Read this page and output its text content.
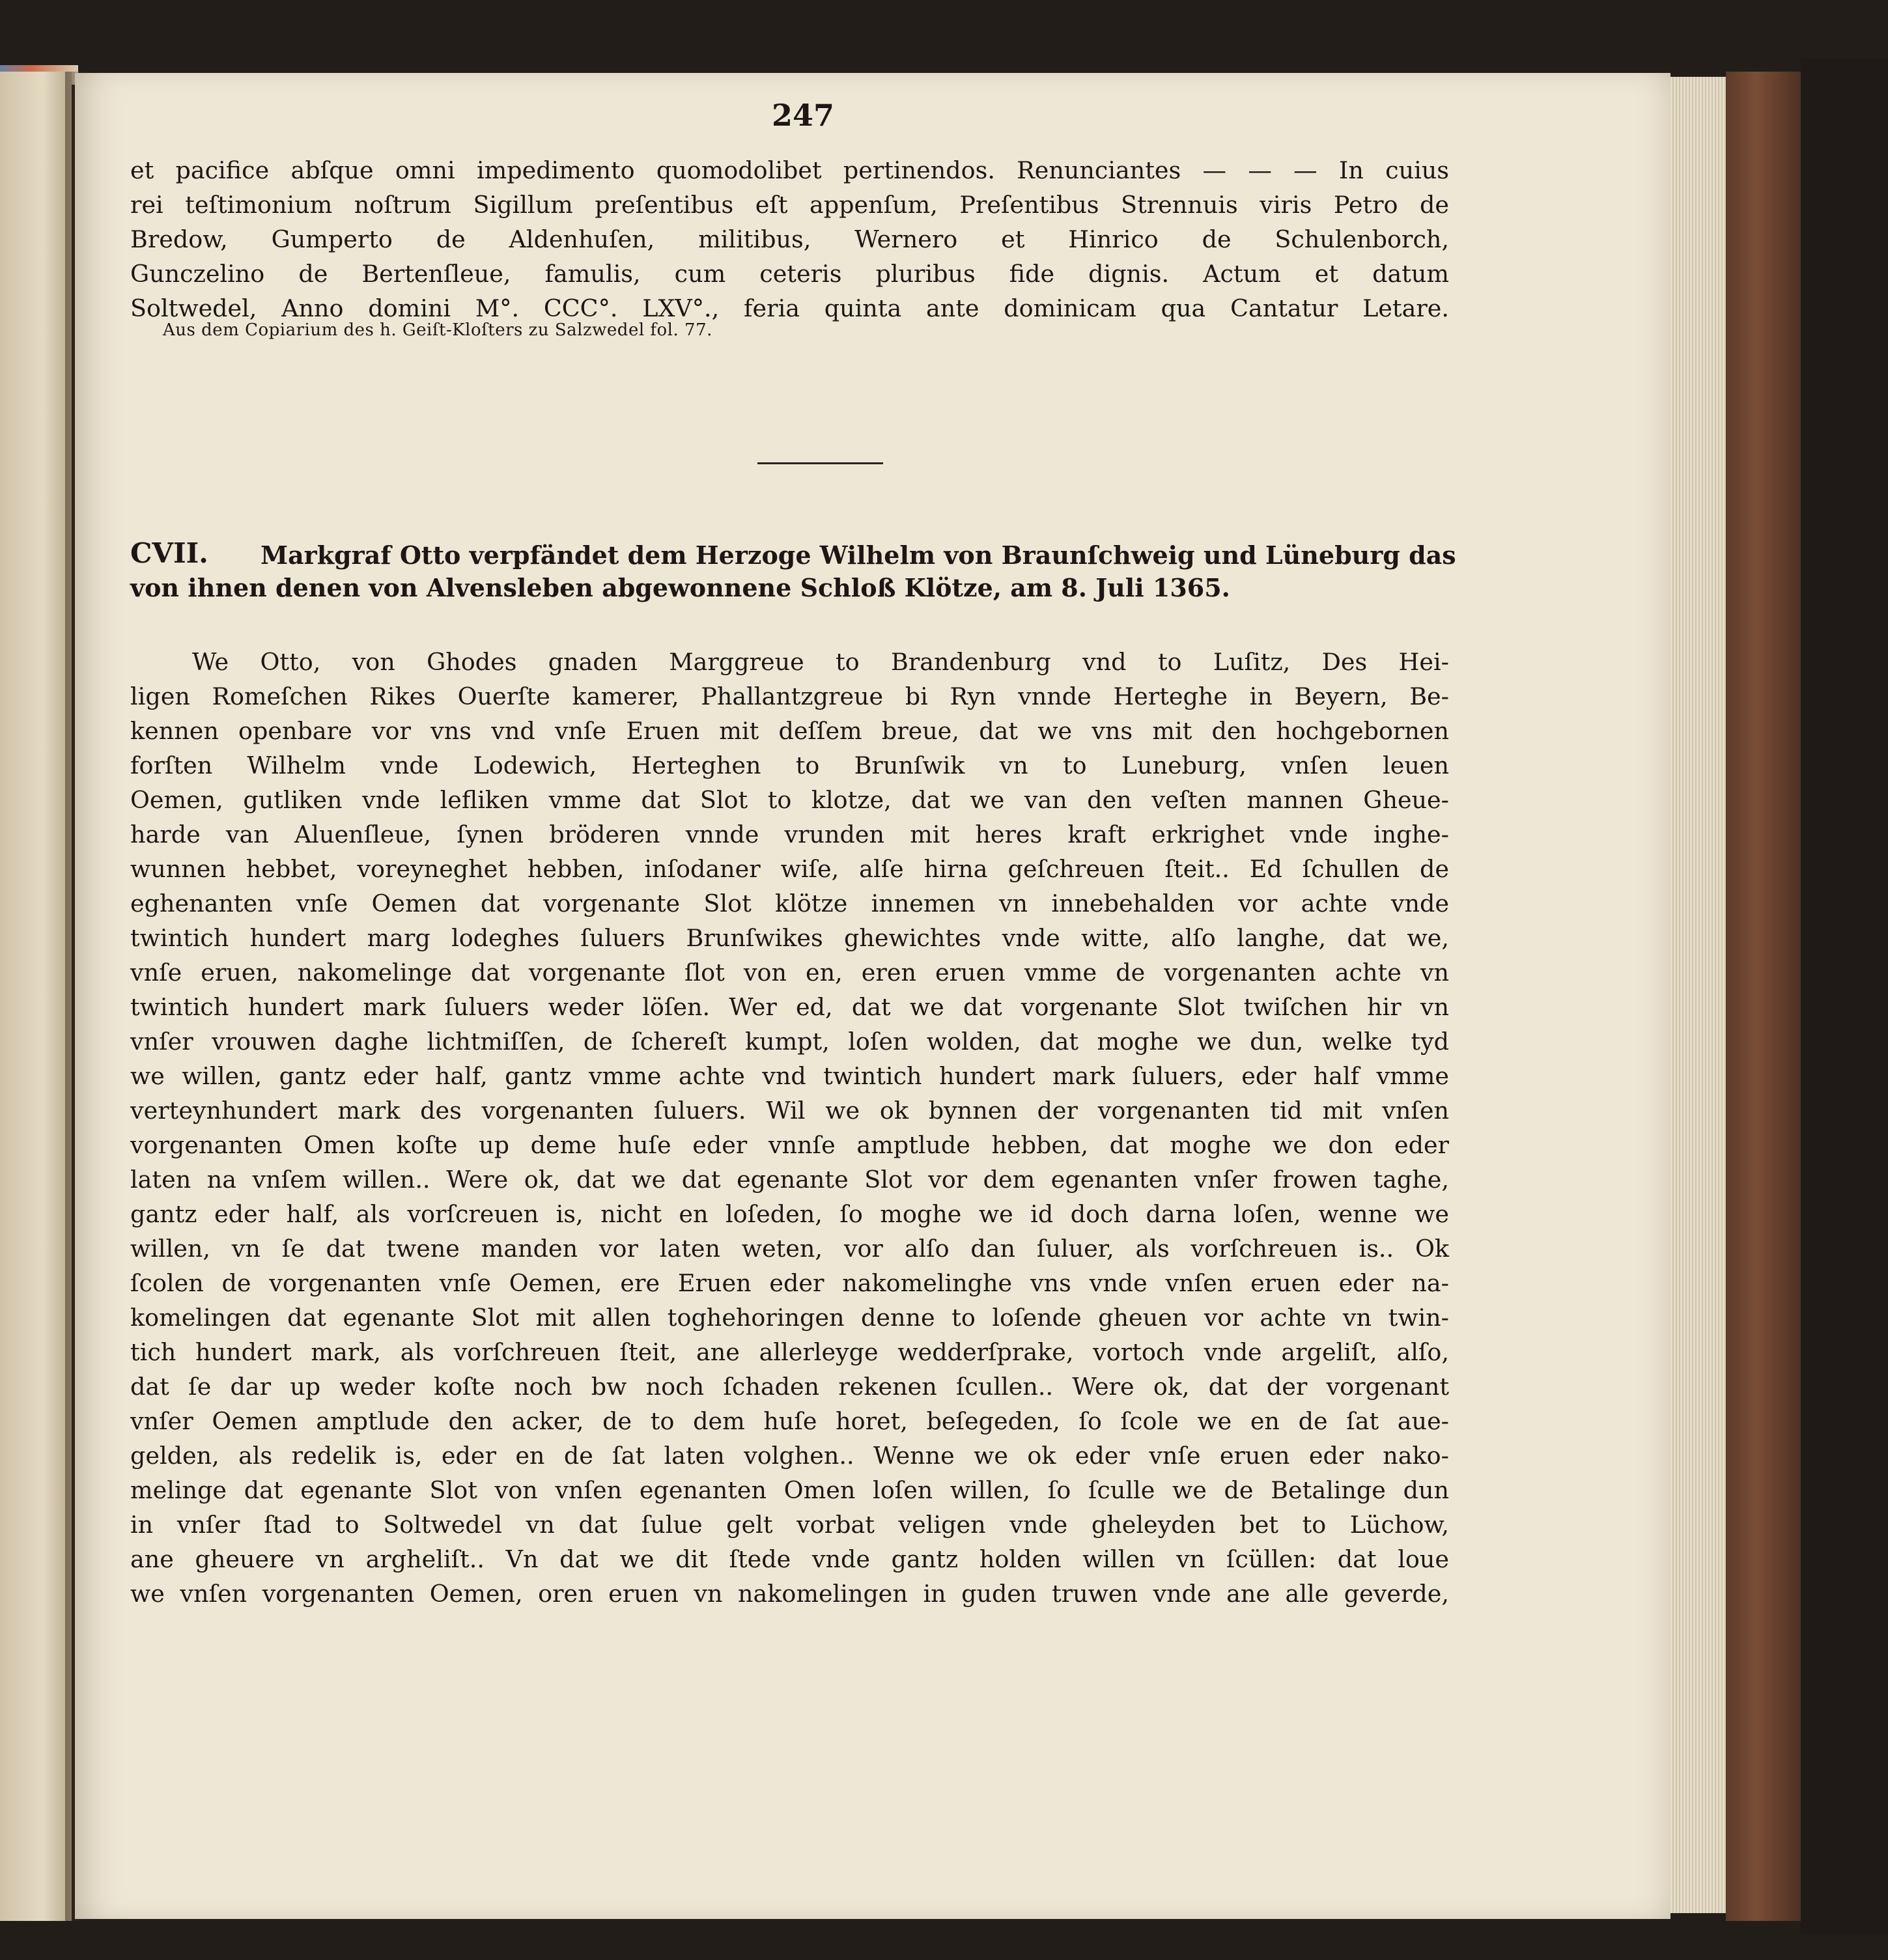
247
et pacifice abſque omni impedimento quomodolibet pertinendos. Renunciantes — — — In cuius
rei teſtimonium noſtrum Sigillum preſentibus eſt appenſum, Preſentibus Strennuis viris Petro de
Bredow, Gumperto de Aldenhuſen, militibus, Wernero et Hinrico de Schulenborch,
Gunczelino de Bertenſleue, famulis, cum ceteris pluribus fide dignis. Actum et datum
Soltwedel, Anno domini M°. CCC°. LXV°., feria quinta ante dominicam qua Cantatur Letare.
Aus dem Copiarium des h. Geiſt-Kloſters zu Salzwedel fol. 77.
CVII. Markgraf Otto verpfändet dem Herzoge Wilhelm von Braunſchweig und Lüneburg das
von ihnen denen von Alvensleben abgewonnene Schloß Klötze, am 8. Juli 1365.
We Otto, von Ghodes gnaden Marggreue to Brandenburg vnd to Luſitz, Des Hei-
ligen Romeſchen Rikes Ouerſte kamerer, Phallantzgreue bi Ryn vnnde Herteghe in Beyern, Be-
kennen openbare vor vns vnd vnſe Eruen mit deſſem breue, dat we vns mit den hochgebornen
forſten Wilhelm vnde Lodewich, Herteghen to Brunſwik vn to Luneburg, vnſen leuen
Oemen, gutliken vnde lefliken vmme dat Slot to klotze, dat we van den veſten mannen Gheue-
harde van Aluenſleue, ſynen bröderen vnnde vrunden mit heres kraft erkrighet vnde inghe-
wunnen hebbet, voreyneghet hebben, inſodaner wiſe, alſe hirna geſchreuen ſteit.. Ed ſchullen de
eghenanten vnſe Oemen dat vorgenante Slot klötze innemen vn innebehalden vor achte vnde
twintich hundert marg lodeghes ſuluers Brunſwikes ghewichtes vnde witte, alſo langhe, dat we,
vnſe eruen, nakomelinge dat vorgenante ſlot von en, eren eruen vmme de vorgenanten achte vn
twintich hundert mark ſuluers weder löſen. Wer ed, dat we dat vorgenante Slot twiſchen hir vn
vnſer vrouwen daghe lichtmiſſen, de ſchereſt kumpt, loſen wolden, dat moghe we dun, welke tyd
we willen, gantz eder half, gantz vmme achte vnd twintich hundert mark ſuluers, eder half vmme
verteynhundert mark des vorgenanten ſuluers. Wil we ok bynnen der vorgenanten tid mit vnſen
vorgenanten Omen koſte up deme huſe eder vnnſe amptlude hebben, dat moghe we don eder
laten na vnſem willen.. Were ok, dat we dat egenante Slot vor dem egenanten vnſer frowen taghe,
gantz eder half, als vorſcreuen is, nicht en loſeden, ſo moghe we id doch darna loſen, wenne we
willen, vn ſe dat twene manden vor laten weten, vor alſo dan ſuluer, als vorſchreuen is.. Ok
ſcolen de vorgenanten vnſe Oemen, ere Eruen eder nakomelinghe vns vnde vnſen eruen eder na-
komelingen dat egenante Slot mit allen toghehoringen denne to loſende gheuen vor achte vn twin-
tich hundert mark, als vorſchreuen ſteit, ane allerleyge wedderſprake, vortoch vnde argeliſt, alſo,
dat ſe dar up weder koſte noch bw noch ſchaden rekenen ſcullen.. Were ok, dat der vorgenant
vnſer Oemen amptlude den acker, de to dem huſe horet, beſegeden, ſo ſcole we en de ſat aue-
gelden, als redelik is, eder en de ſat laten volghen.. Wenne we ok eder vnſe eruen eder nako-
melinge dat egenante Slot von vnſen egenanten Omen loſen willen, ſo ſculle we de Betalinge dun
in vnſer ſtad to Soltwedel vn dat ſulue gelt vorbat veligen vnde gheleyden bet to Lüchow,
ane gheuere vn argheliſt.. Vn dat we dit ſtede vnde gantz holden willen vn ſcüllen: dat loue
we vnſen vorgenanten Oemen, oren eruen vn nakomelingen in guden truwen vnde ane alle geverde,
